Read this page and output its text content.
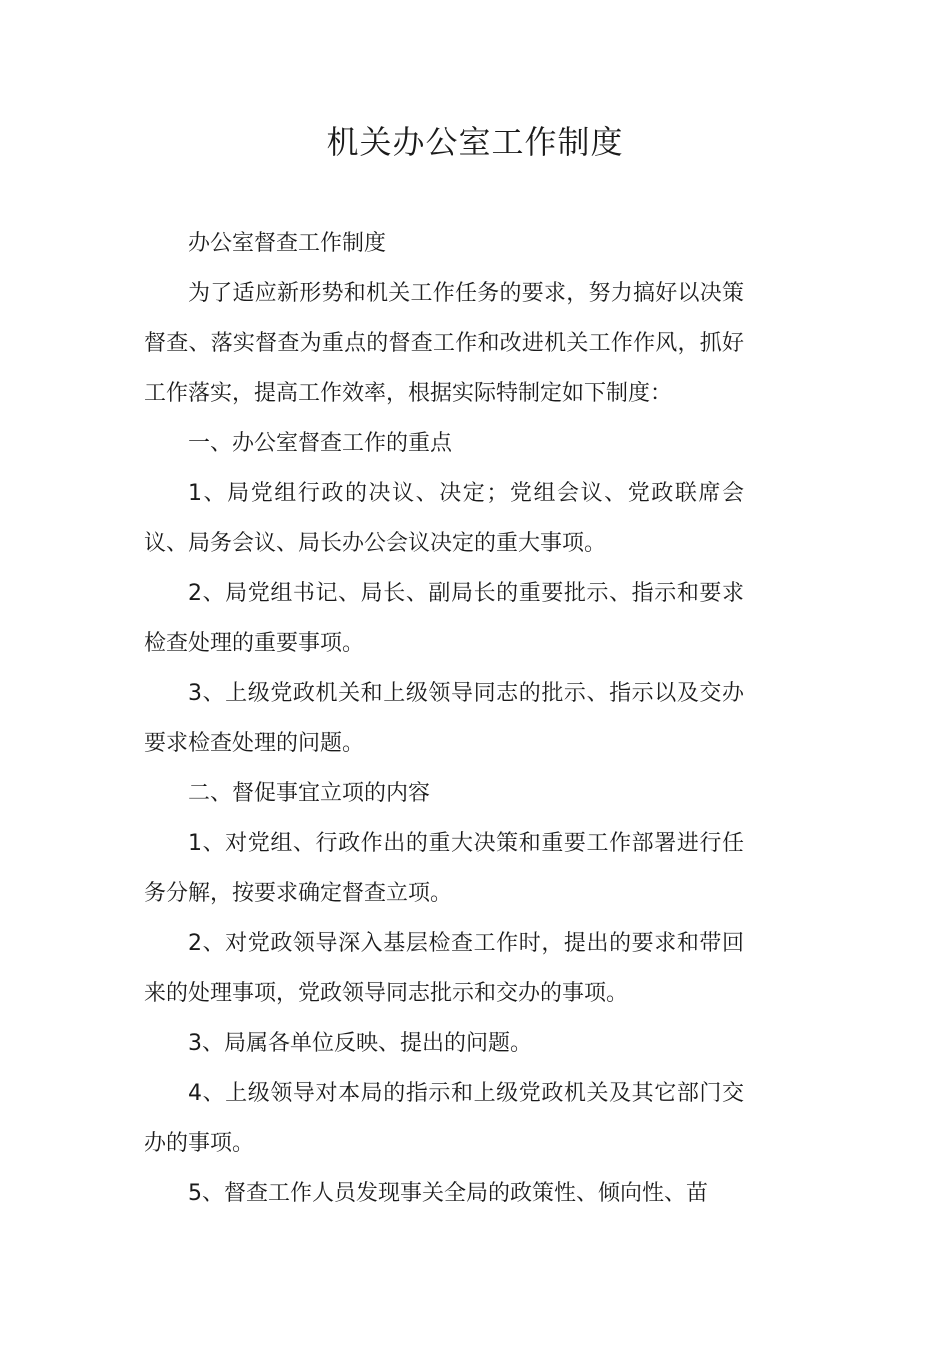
机关办公室工作制度

办公室督查工作制度

为了适应新形势和机关工作任务的要求，努力搞好以决策督查、落实督查为重点的督查工作和改进机关工作作风，抓好工作落实，提高工作效率，根据实际特制定如下制度：

一、办公室督查工作的重点

1、局党组行政的决议、决定；党组会议、党政联席会议、局务会议、局长办公会议决定的重大事项。

2、局党组书记、局长、副局长的重要批示、指示和要求检查处理的重要事项。

3、上级党政机关和上级领导同志的批示、指示以及交办要求检查处理的问题。

二、督促事宜立项的内容

1、对党组、行政作出的重大决策和重要工作部署进行任务分解，按要求确定督查立项。

2、对党政领导深入基层检查工作时，提出的要求和带回来的处理事项，党政领导同志批示和交办的事项。

3、局属各单位反映、提出的问题。

4、上级领导对本局的指示和上级党政机关及其它部门交办的事项。

5、督查工作人员发现事关全局的政策性、倾向性、苗
